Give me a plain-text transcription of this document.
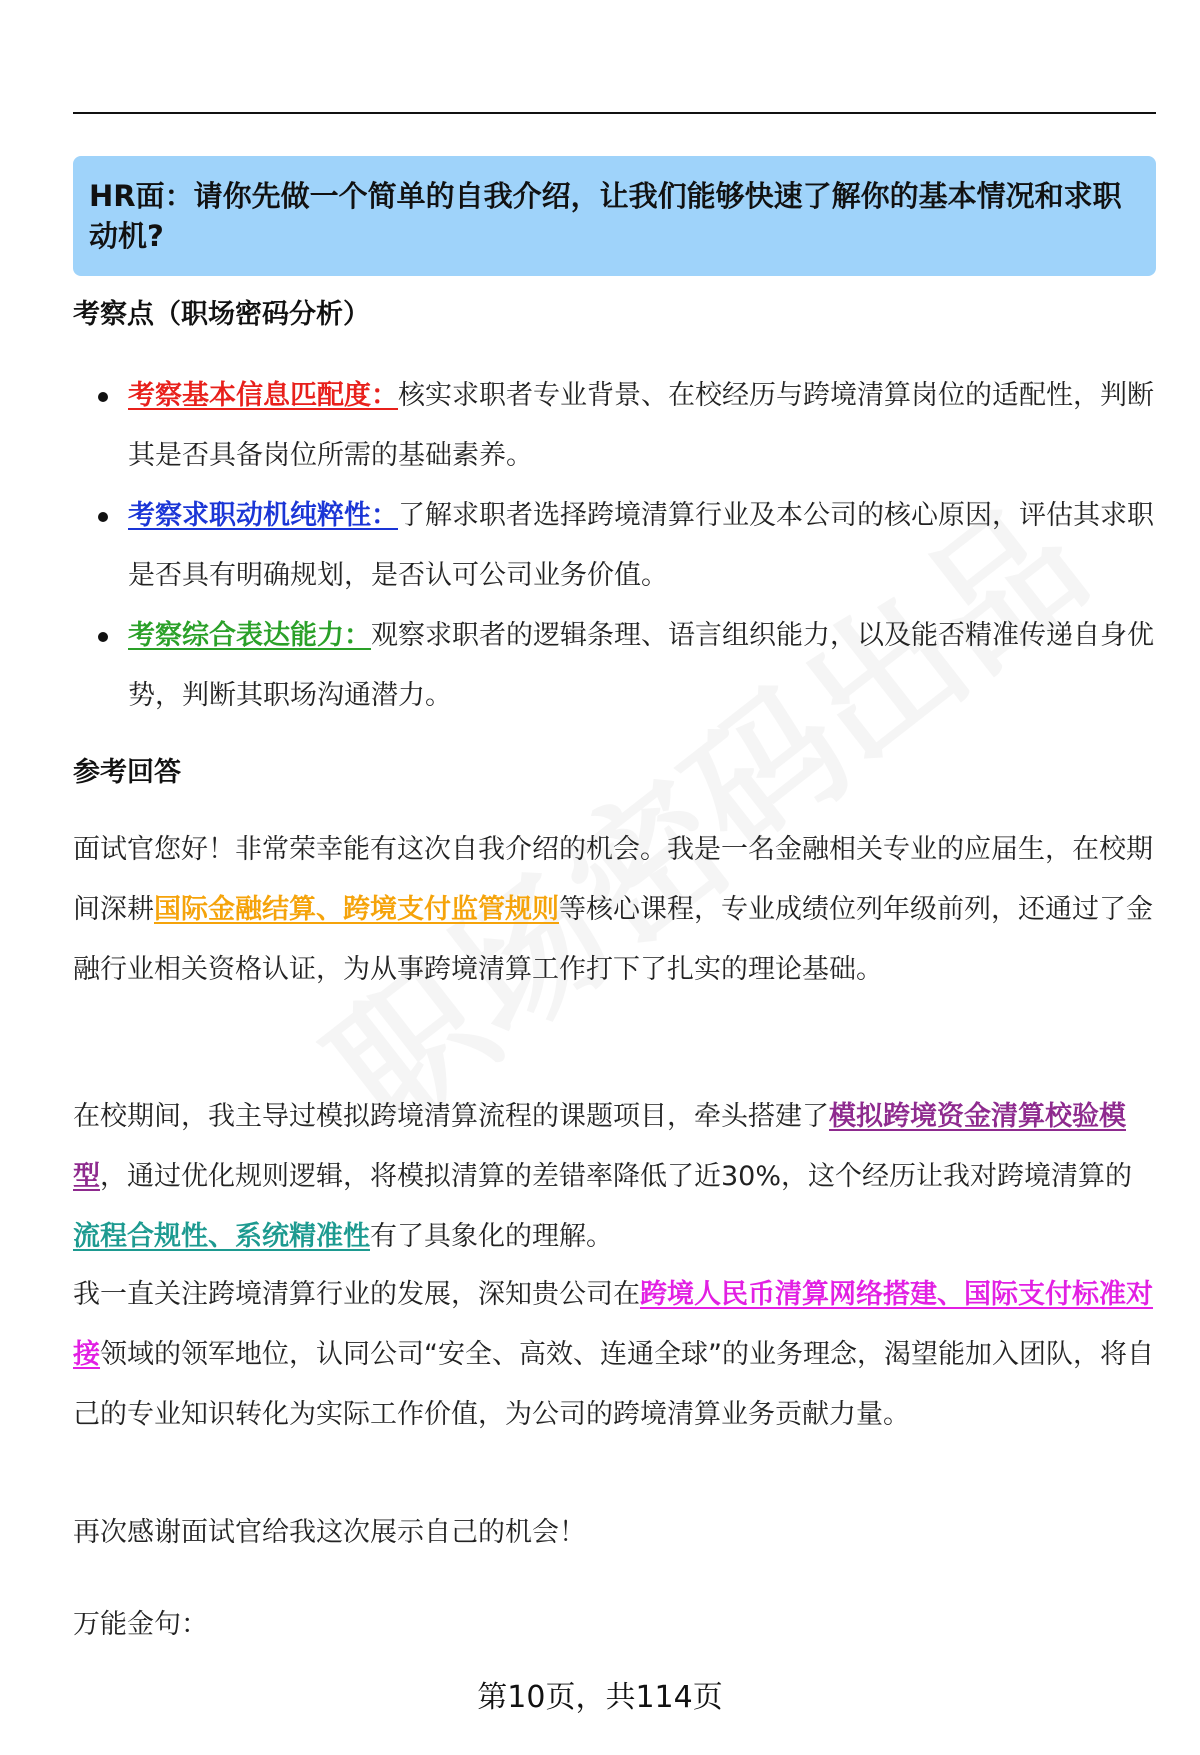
HR面：请你先做一个简单的自我介绍，让我们能够快速了解你的基本情况和求职动机?
考察点（职场密码分析）
考察基本信息匹配度：核实求职者专业背景、在校经历与跨境清算岗位的适配性，判断其是否具备岗位所需的基础素养。
考察求职动机纯粹性：了解求职者选择跨境清算行业及本公司的核心原因，评估其求职是否具有明确规划，是否认可公司业务价值。
考察综合表达能力：观察求职者的逻辑条理、语言组织能力，以及能否精准传递自身优势，判断其职场沟通潜力。
参考回答

面试官您好！非常荣幸能有这次自我介绍的机会。我是一名金融相关专业的应届生，在校期间深耕国际金融结算、跨境支付监管规则等核心课程，专业成绩位列年级前列，还通过了金融行业相关资格认证，为从事跨境清算工作打下了扎实的理论基础。

在校期间，我主导过模拟跨境清算流程的课题项目，牵头搭建了模拟跨境资金清算校验模型，通过优化规则逻辑，将模拟清算的差错率降低了近30%，这个经历让我对跨境清算的流程合规性、系统精准性有了具象化的理解。

我一直关注跨境清算行业的发展，深知贵公司在跨境人民币清算网络搭建、国际支付标准对接领域的领军地位，认同公司“安全、高效、连通全球”的业务理念，渴望能加入团队，将自己的专业知识转化为实际工作价值，为公司的跨境清算业务贡献力量。

再次感谢面试官给我这次展示自己的机会！

万能金句：

第10页，共114页
